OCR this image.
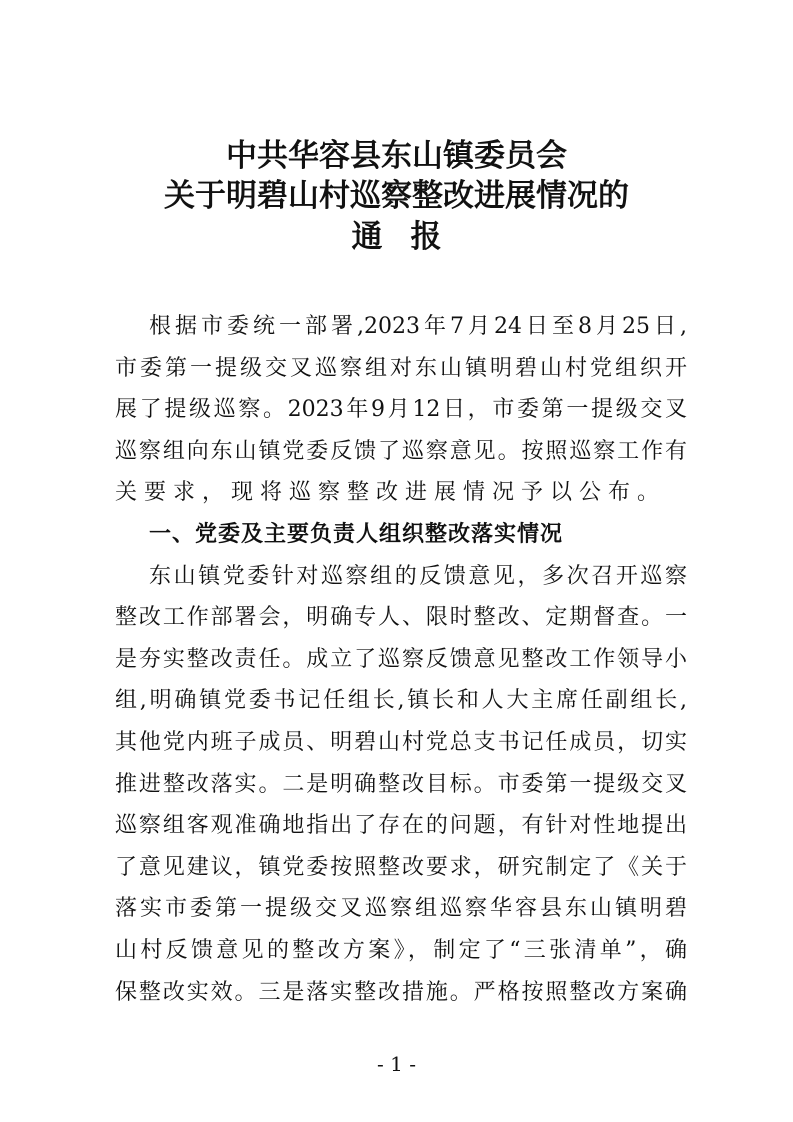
中共华容县东山镇委员会
关于明碧山村巡察整改进展情况的
通报
根据市委统一部署,2023年7月24日至8月25日,
市委第一提级交叉巡察组对东山镇明碧山村党组织开
展了提级巡察。2023年9月12日，市委第一提级交叉
巡察组向东山镇党委反馈了巡察意见。按照巡察工作有
关要求，现将巡察整改进展情况予以公布。
一、党委及主要负责人组织整改落实情况
东山镇党委针对巡察组的反馈意见，多次召开巡察
整改工作部署会，明确专人、限时整改、定期督查。一
是夯实整改责任。成立了巡察反馈意见整改工作领导小
组,明确镇党委书记任组长,镇长和人大主席任副组长,
其他党内班子成员、明碧山村党总支书记任成员，切实
推进整改落实。二是明确整改目标。市委第一提级交叉
巡察组客观准确地指出了存在的问题，有针对性地提出
了意见建议，镇党委按照整改要求，研究制定了《关于
落实市委第一提级交叉巡察组巡察华容县东山镇明碧
山村反馈意见的整改方案》，制定了“三张清单”，确
保整改实效。三是落实整改措施。严格按照整改方案确
- 1 -
